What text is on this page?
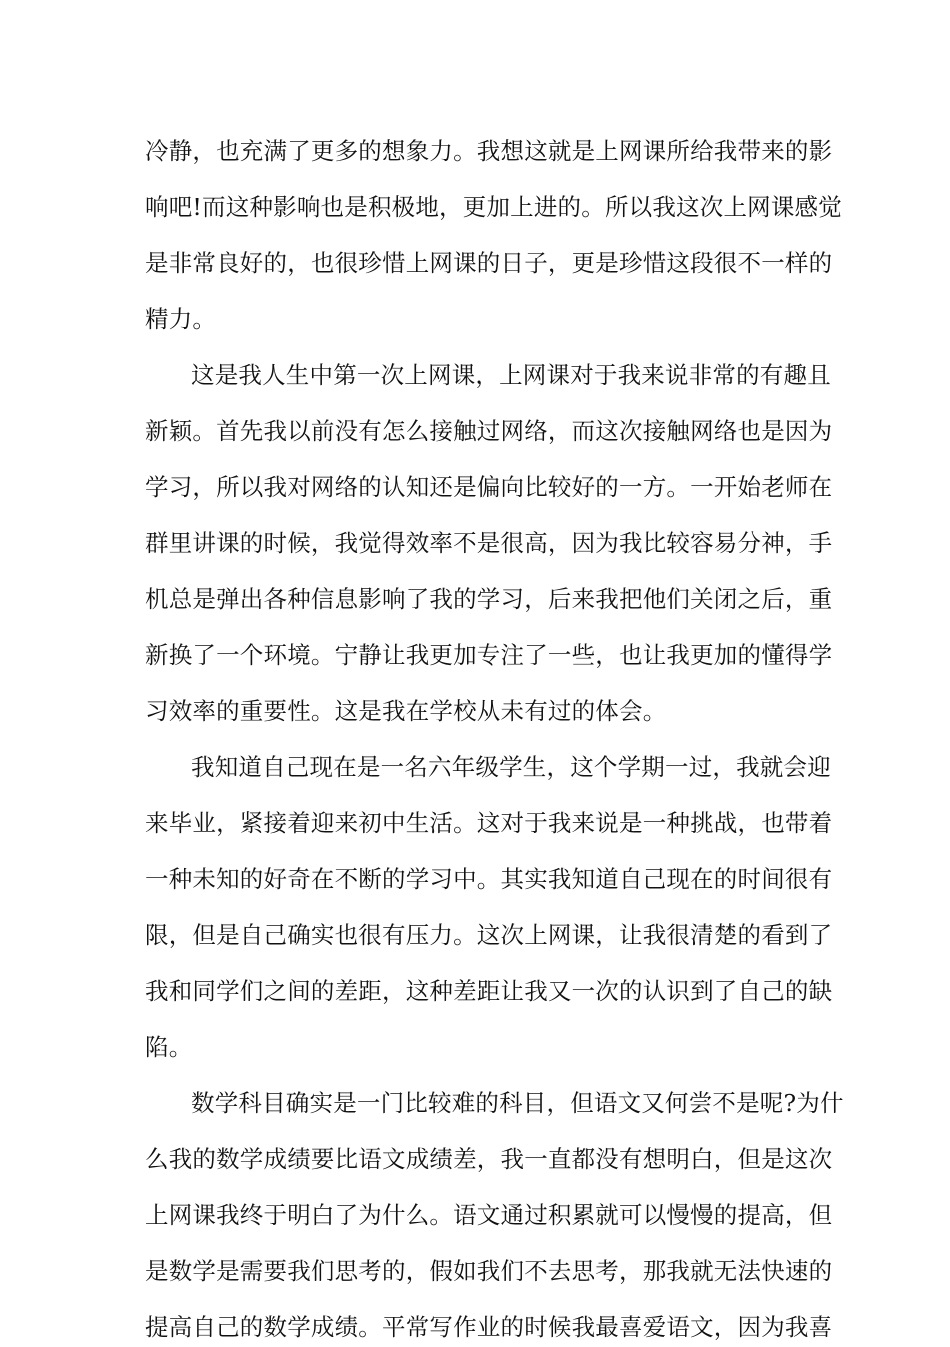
冷静，也充满了更多的想象力。我想这就是上网课所给我带来的影

响吧!而这种影响也是积极地，更加上进的。所以我这次上网课感觉

是非常良好的，也很珍惜上网课的日子，更是珍惜这段很不一样的

精力。

这是我人生中第一次上网课，上网课对于我来说非常的有趣且

新颖。首先我以前没有怎么接触过网络，而这次接触网络也是因为

学习，所以我对网络的认知还是偏向比较好的一方。一开始老师在

群里讲课的时候，我觉得效率不是很高，因为我比较容易分神，手

机总是弹出各种信息影响了我的学习，后来我把他们关闭之后，重

新换了一个环境。宁静让我更加专注了一些，也让我更加的懂得学

习效率的重要性。这是我在学校从未有过的体会。

我知道自己现在是一名六年级学生，这个学期一过，我就会迎

来毕业，紧接着迎来初中生活。这对于我来说是一种挑战，也带着

一种未知的好奇在不断的学习中。其实我知道自己现在的时间很有

限，但是自己确实也很有压力。这次上网课，让我很清楚的看到了

我和同学们之间的差距，这种差距让我又一次的认识到了自己的缺

陷。

数学科目确实是一门比较难的科目，但语文又何尝不是呢?为什

么我的数学成绩要比语文成绩差，我一直都没有想明白，但是这次

上网课我终于明白了为什么。语文通过积累就可以慢慢的提高，但

是数学是需要我们思考的，假如我们不去思考，那我就无法快速的

提高自己的数学成绩。平常写作业的时候我最喜爱语文，因为我喜
